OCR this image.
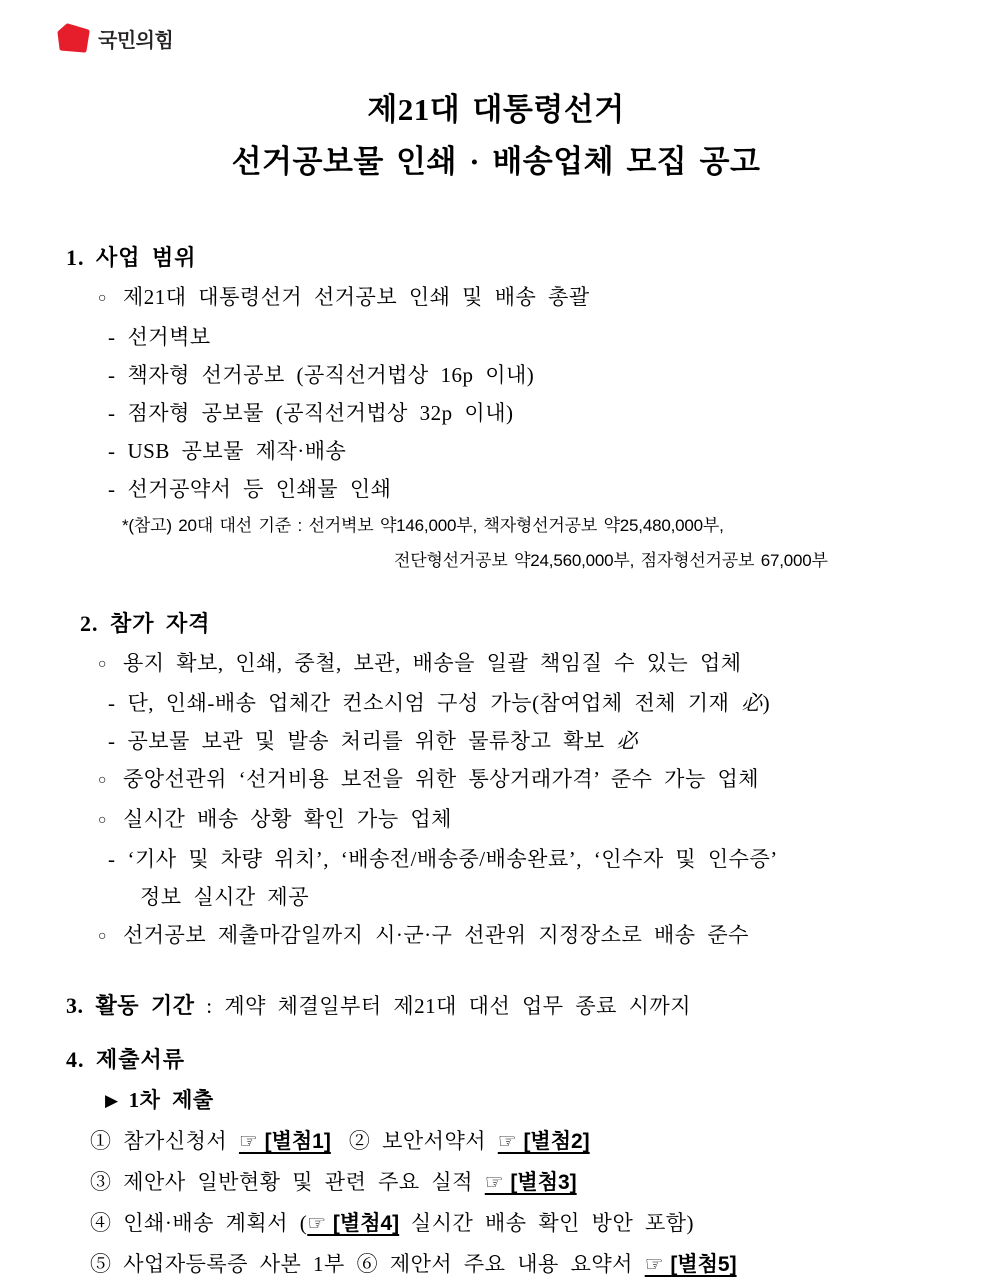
국민의힘
제21대 대통령선거
선거공보물 인쇄 · 배송업체 모집 공고
1. 사업 범위
○ 제21대 대통령선거 선거공보 인쇄 및 배송 총괄
- 선거벽보
- 책자형 선거공보 (공직선거법상 16p 이내)
- 점자형 공보물 (공직선거법상 32p 이내)
- USB 공보물 제작·배송
- 선거공약서 등 인쇄물 인쇄
*(참고) 20대 대선 기준 : 선거벽보 약146,000부, 책자형선거공보 약25,480,000부,
전단형선거공보 약24,560,000부, 점자형선거공보 67,000부
2. 참가 자격
○ 용지 확보, 인쇄, 중철, 보관, 배송을 일괄 책임질 수 있는 업체
- 단, 인쇄-배송 업체간 컨소시엄 구성 가능(참여업체 전체 기재 必)
- 공보물 보관 및 발송 처리를 위한 물류창고 확보 必
○ 중앙선관위 ‘선거비용 보전을 위한 통상거래가격’ 준수 가능 업체
○ 실시간 배송 상황 확인 가능 업체
- ‘기사 및 차량 위치’, ‘배송전/배송중/배송완료’, ‘인수자 및 인수증’
정보 실시간 제공
○ 선거공보 제출마감일까지 시·군·구 선관위 지정장소로 배송 준수
3. 활동 기간 : 계약 체결일부터 제21대 대선 업무 종료 시까지
4. 제출서류
▶ 1차 제출
① 참가신청서 ☞ [별첨1] ② 보안서약서 ☞ [별첨2]
③ 제안사 일반현황 및 관련 주요 실적 ☞ [별첨3]
④ 인쇄·배송 계획서 (☞ [별첨4] 실시간 배송 확인 방안 포함)
⑤ 사업자등록증 사본 1부 ⑥ 제안서 주요 내용 요약서 ☞ [별첨5]
